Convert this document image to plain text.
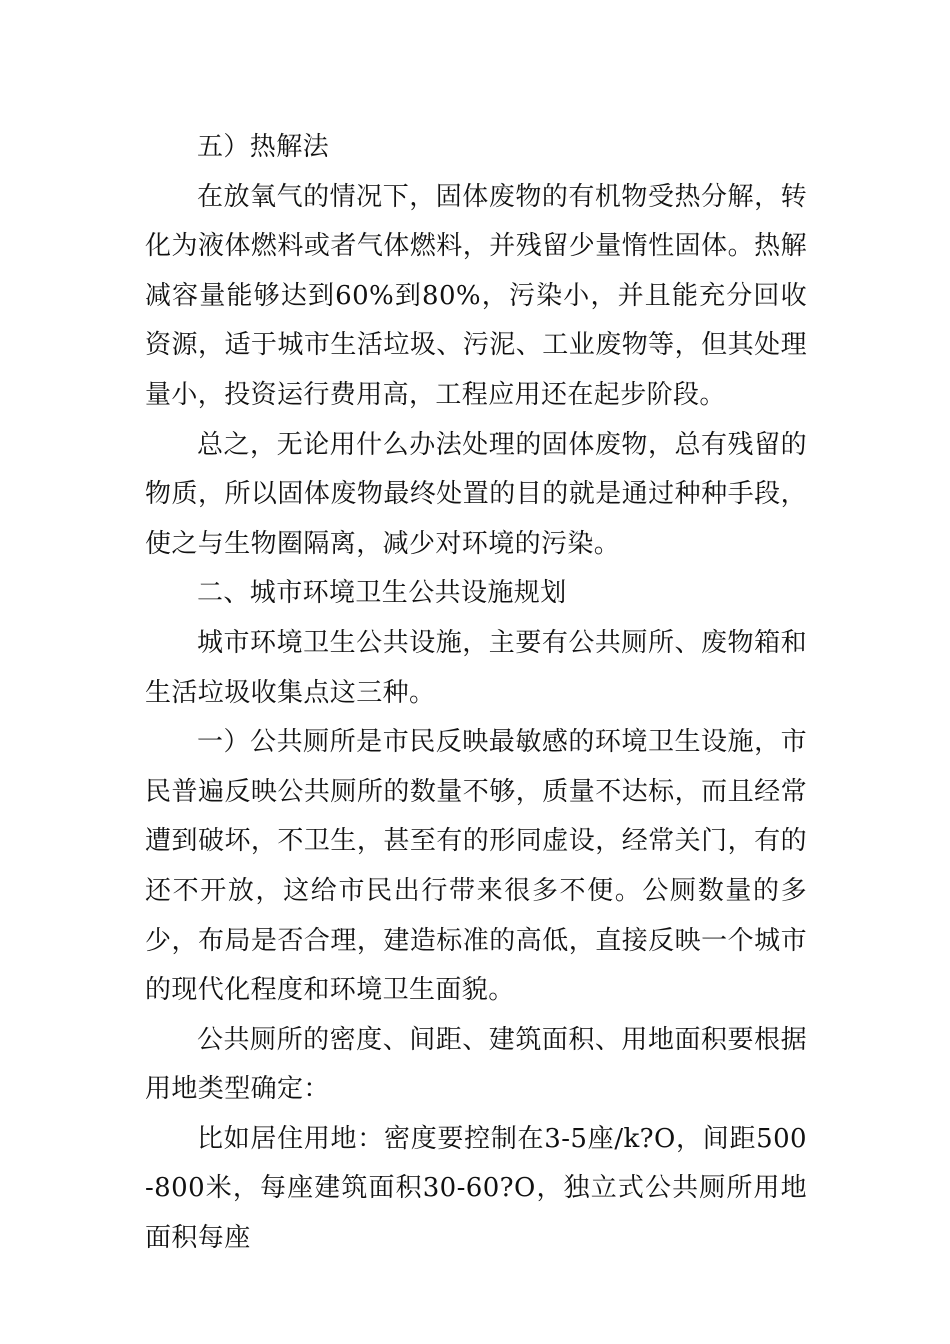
五）热解法

在放氧气的情况下，固体废物的有机物受热分解，转化为液体燃料或者气体燃料，并残留少量惰性固体。热解减容量能够达到60%到80%，污染小，并且能充分回收资源，适于城市生活垃圾、污泥、工业废物等，但其处理量小，投资运行费用高，工程应用还在起步阶段。

总之，无论用什么办法处理的固体废物，总有残留的物质，所以固体废物最终处置的目的就是通过种种手段，使之与生物圈隔离，减少对环境的污染。

二、城市环境卫生公共设施规划

城市环境卫生公共设施，主要有公共厕所、废物箱和生活垃圾收集点这三种。

一）公共厕所是市民反映最敏感的环境卫生设施，市民普遍反映公共厕所的数量不够，质量不达标，而且经常遭到破坏，不卫生，甚至有的形同虚设，经常关门，有的还不开放，这给市民出行带来很多不便。公厕数量的多少，布局是否合理，建造标准的高低，直接反映一个城市的现代化程度和环境卫生面貌。

公共厕所的密度、间距、建筑面积、用地面积要根据用地类型确定：

比如居住用地：密度要控制在3-5座/k?O，间距500-800米，每座建筑面积30-60?O，独立式公共厕所用地面积每座
